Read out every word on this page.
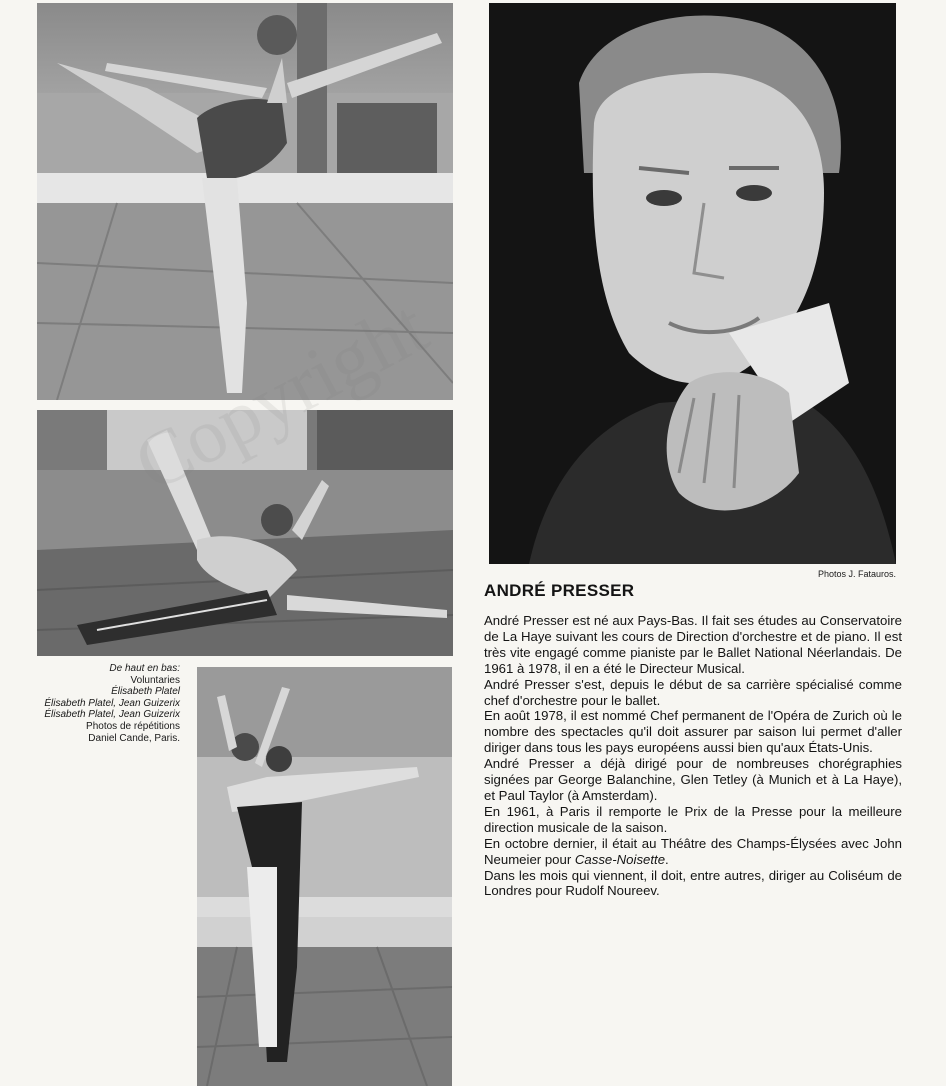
De haut en bas:
Voluntaries
Élisabeth Platel
Élisabeth Platel, Jean Guizerix
Élisabeth Platel, Jean Guizerix
Photos de répétitions
Daniel Cande, Paris.
Photos J. Fatauros.
ANDRÉ PRESSER

André Presser est né aux Pays-Bas. Il fait ses études au Conservatoire de La Haye suivant les cours de Direction d'orchestre et de piano. Il est très vite engagé comme pianiste par le Ballet National Néerlandais. De 1961 à 1978, il en a été le Directeur Musical.

André Presser s'est, depuis le début de sa carrière spécialisé comme chef d'orchestre pour le ballet.

En août 1978, il est nommé Chef permanent de l'Opéra de Zurich où le nombre des spectacles qu'il doit assurer par saison lui permet d'aller diriger dans tous les pays européens aussi bien qu'aux États-Unis.

André Presser a déjà dirigé pour de nombreuses chorégraphies signées par George Balanchine, Glen Tetley (à Munich et à La Haye), et Paul Taylor (à Amsterdam).

En 1961, à Paris il remporte le Prix de la Presse pour la meilleure direction musicale de la saison.

En octobre dernier, il était au Théâtre des Champs-Élysées avec John Neumeier pour Casse-Noisette.

Dans les mois qui viennent, il doit, entre autres, diriger au Coliséum de Londres pour Rudolf Noureev.
